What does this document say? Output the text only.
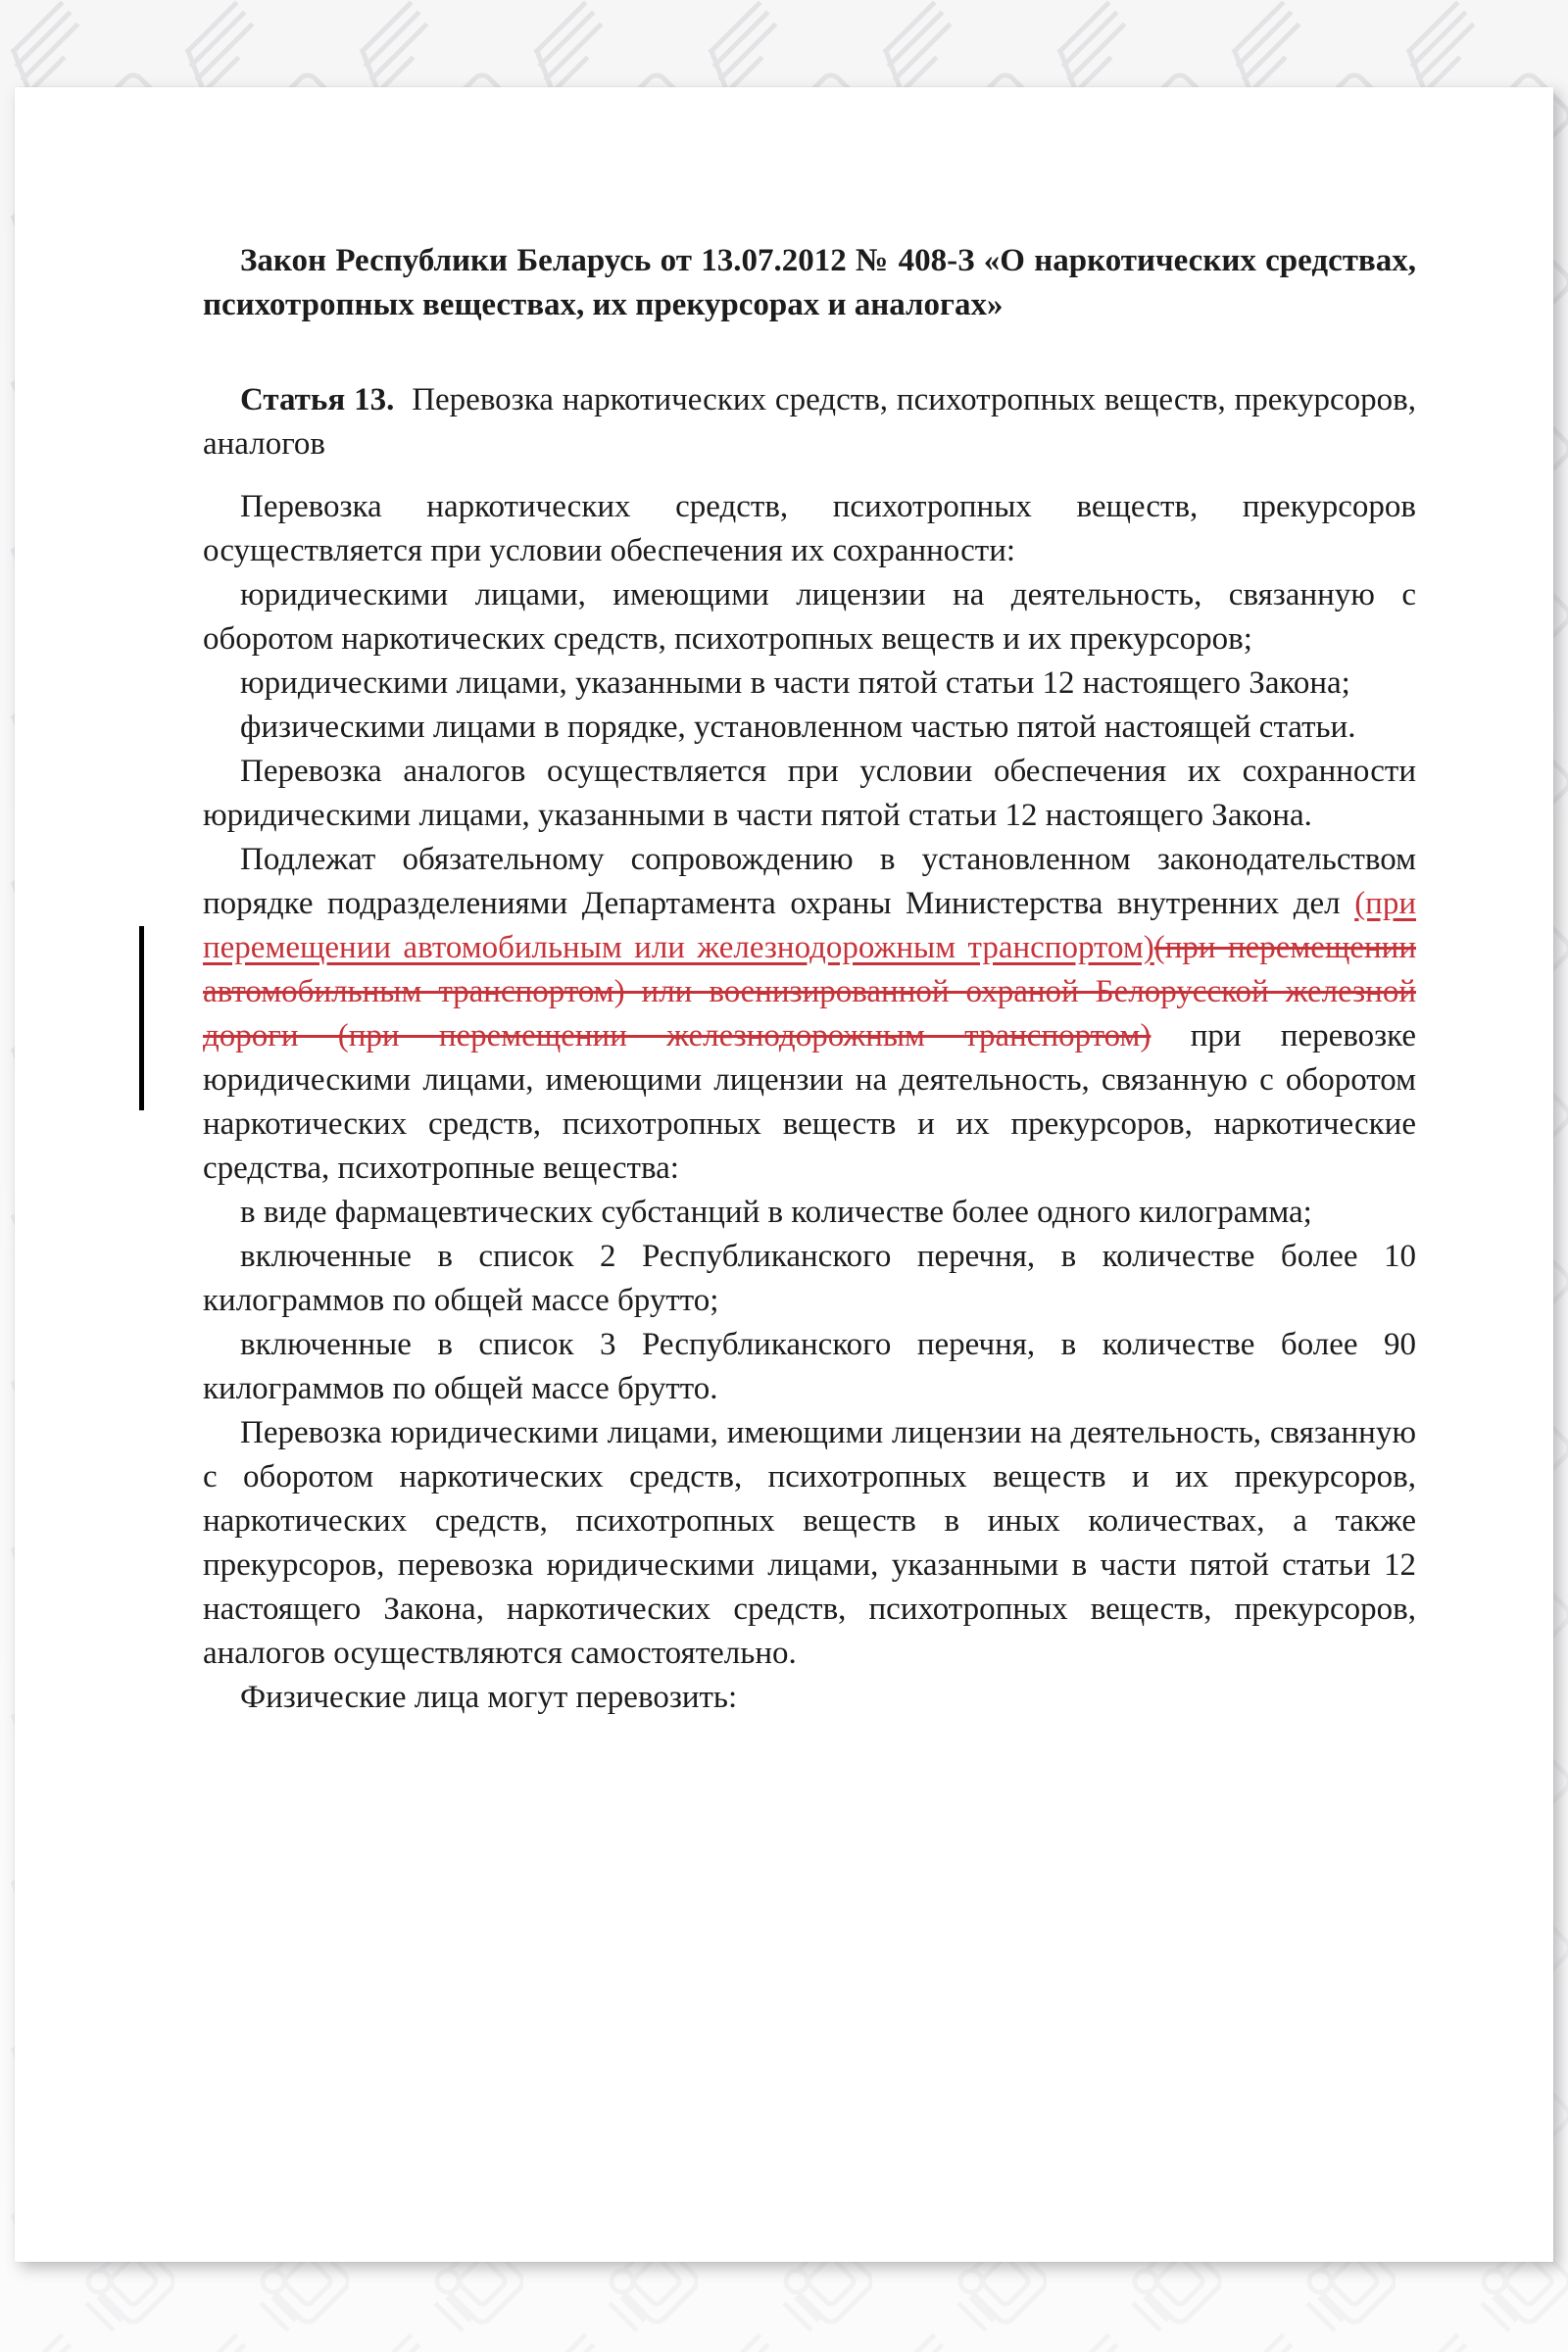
Закон Республики Беларусь от 13.07.2012 № 408-З «О наркотических средствах, психотропных веществах, их прекурсорах и аналогах»

Статья 13. Перевозка наркотических средств, психотропных веществ, прекурсоров, аналогов

Перевозка наркотических средств, психотропных веществ, прекурсоров осуществляется при условии обеспечения их сохранности:

юридическими лицами, имеющими лицензии на деятельность, связанную с оборотом наркотических средств, психотропных веществ и их прекурсоров;

юридическими лицами, указанными в части пятой статьи 12 настоящего Закона;

физическими лицами в порядке, установленном частью пятой настоящей статьи.

Перевозка аналогов осуществляется при условии обеспечения их сохранности юридическими лицами, указанными в части пятой статьи 12 настоящего Закона.

Подлежат обязательному сопровождению в установленном законодательством порядке подразделениями Департамента охраны Министерства внутренних дел (при перемещении автомобильным или железнодорожным транспортом)(при перемещении автомобильным транспортом) или военизированной охраной Белорусской железной дороги (при перемещении железнодорожным транспортом) при перевозке юридическими лицами, имеющими лицензии на деятельность, связанную с оборотом наркотических средств, психотропных веществ и их прекурсоров, наркотические средства, психотропные вещества:

в виде фармацевтических субстанций в количестве более одного килограмма;

включенные в список 2 Республиканского перечня, в количестве более 10 килограммов по общей массе брутто;

включенные в список 3 Республиканского перечня, в количестве более 90 килограммов по общей массе брутто.

Перевозка юридическими лицами, имеющими лицензии на деятельность, связанную с оборотом наркотических средств, психотропных веществ и их прекурсоров, наркотических средств, психотропных веществ в иных количествах, а также прекурсоров, перевозка юридическими лицами, указанными в части пятой статьи 12 настоящего Закона, наркотических средств, психотропных веществ, прекурсоров, аналогов осуществляются самостоятельно.

Физические лица могут перевозить:
